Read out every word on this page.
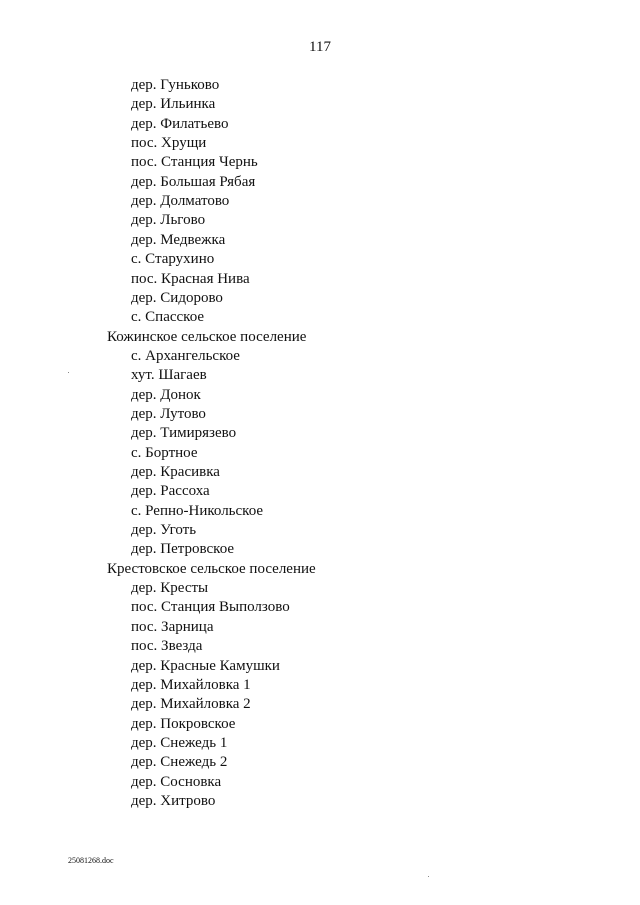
117
дер. Гуньково
дер. Ильинка
дер. Филатьево
пос. Хрущи
пос. Станция Чернь
дер. Большая Рябая
дер. Долматово
дер. Льгово
дер. Медвежка
с. Старухино
пос. Красная Нива
дер. Сидорово
с. Спасское
Кожинское сельское поселение
с. Архангельское
хут. Шагаев
дер. Донок
дер. Лутово
дер. Тимирязево
с. Бортное
дер. Красивка
дер. Рассоха
с. Репно-Никольское
дер. Уготь
дер. Петровское
Крестовское сельское поселение
дер. Кресты
пос. Станция Выползово
пос. Зарница
пос. Звезда
дер. Красные Камушки
дер. Михайловка 1
дер. Михайловка 2
дер. Покровское
дер. Снежедь 1
дер. Снежедь 2
дер. Сосновка
дер. Хитрово
25081268.doc
